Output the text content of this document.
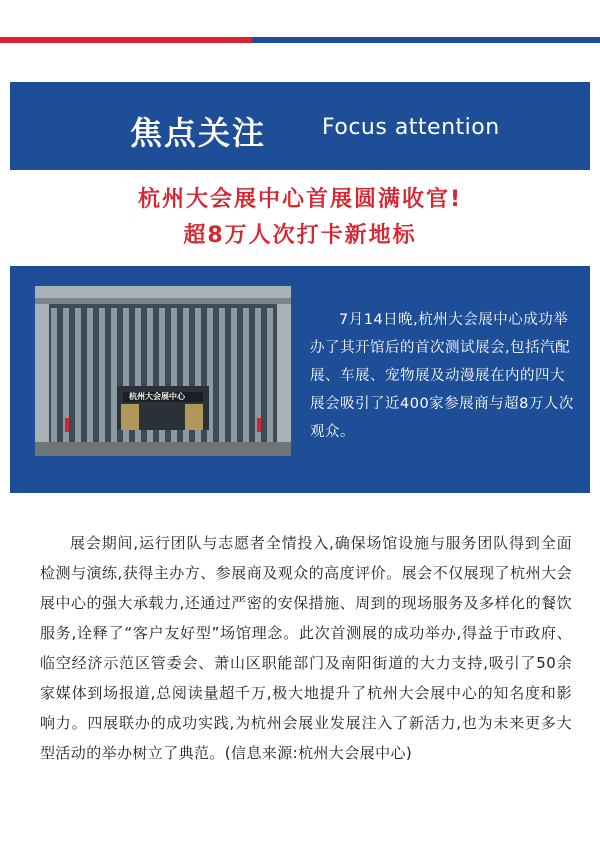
焦点关注	Focus attention
杭州大会展中心首展圆满收官!
超8万人次打卡新地标
杭州大会展中心

7月14日晚,杭州大会展中心成功举办了其开馆后的首次测试展会,包括汽配展、车展、宠物展及动漫展在内的四大展会吸引了近400家参展商与超8万人次观众。

展会期间,运行团队与志愿者全情投入,确保场馆设施与服务团队得到全面检测与演练,获得主办方、参展商及观众的高度评价。展会不仅展现了杭州大会展中心的强大承载力,还通过严密的安保措施、周到的现场服务及多样化的餐饮服务,诠释了“客户友好型”场馆理念。此次首测展的成功举办,得益于市政府、临空经济示范区管委会、萧山区职能部门及南阳街道的大力支持,吸引了50余家媒体到场报道,总阅读量超千万,极大地提升了杭州大会展中心的知名度和影响力。四展联办的成功实践,为杭州会展业发展注入了新活力,也为未来更多大型活动的举办树立了典范。(信息来源:杭州大会展中心)
